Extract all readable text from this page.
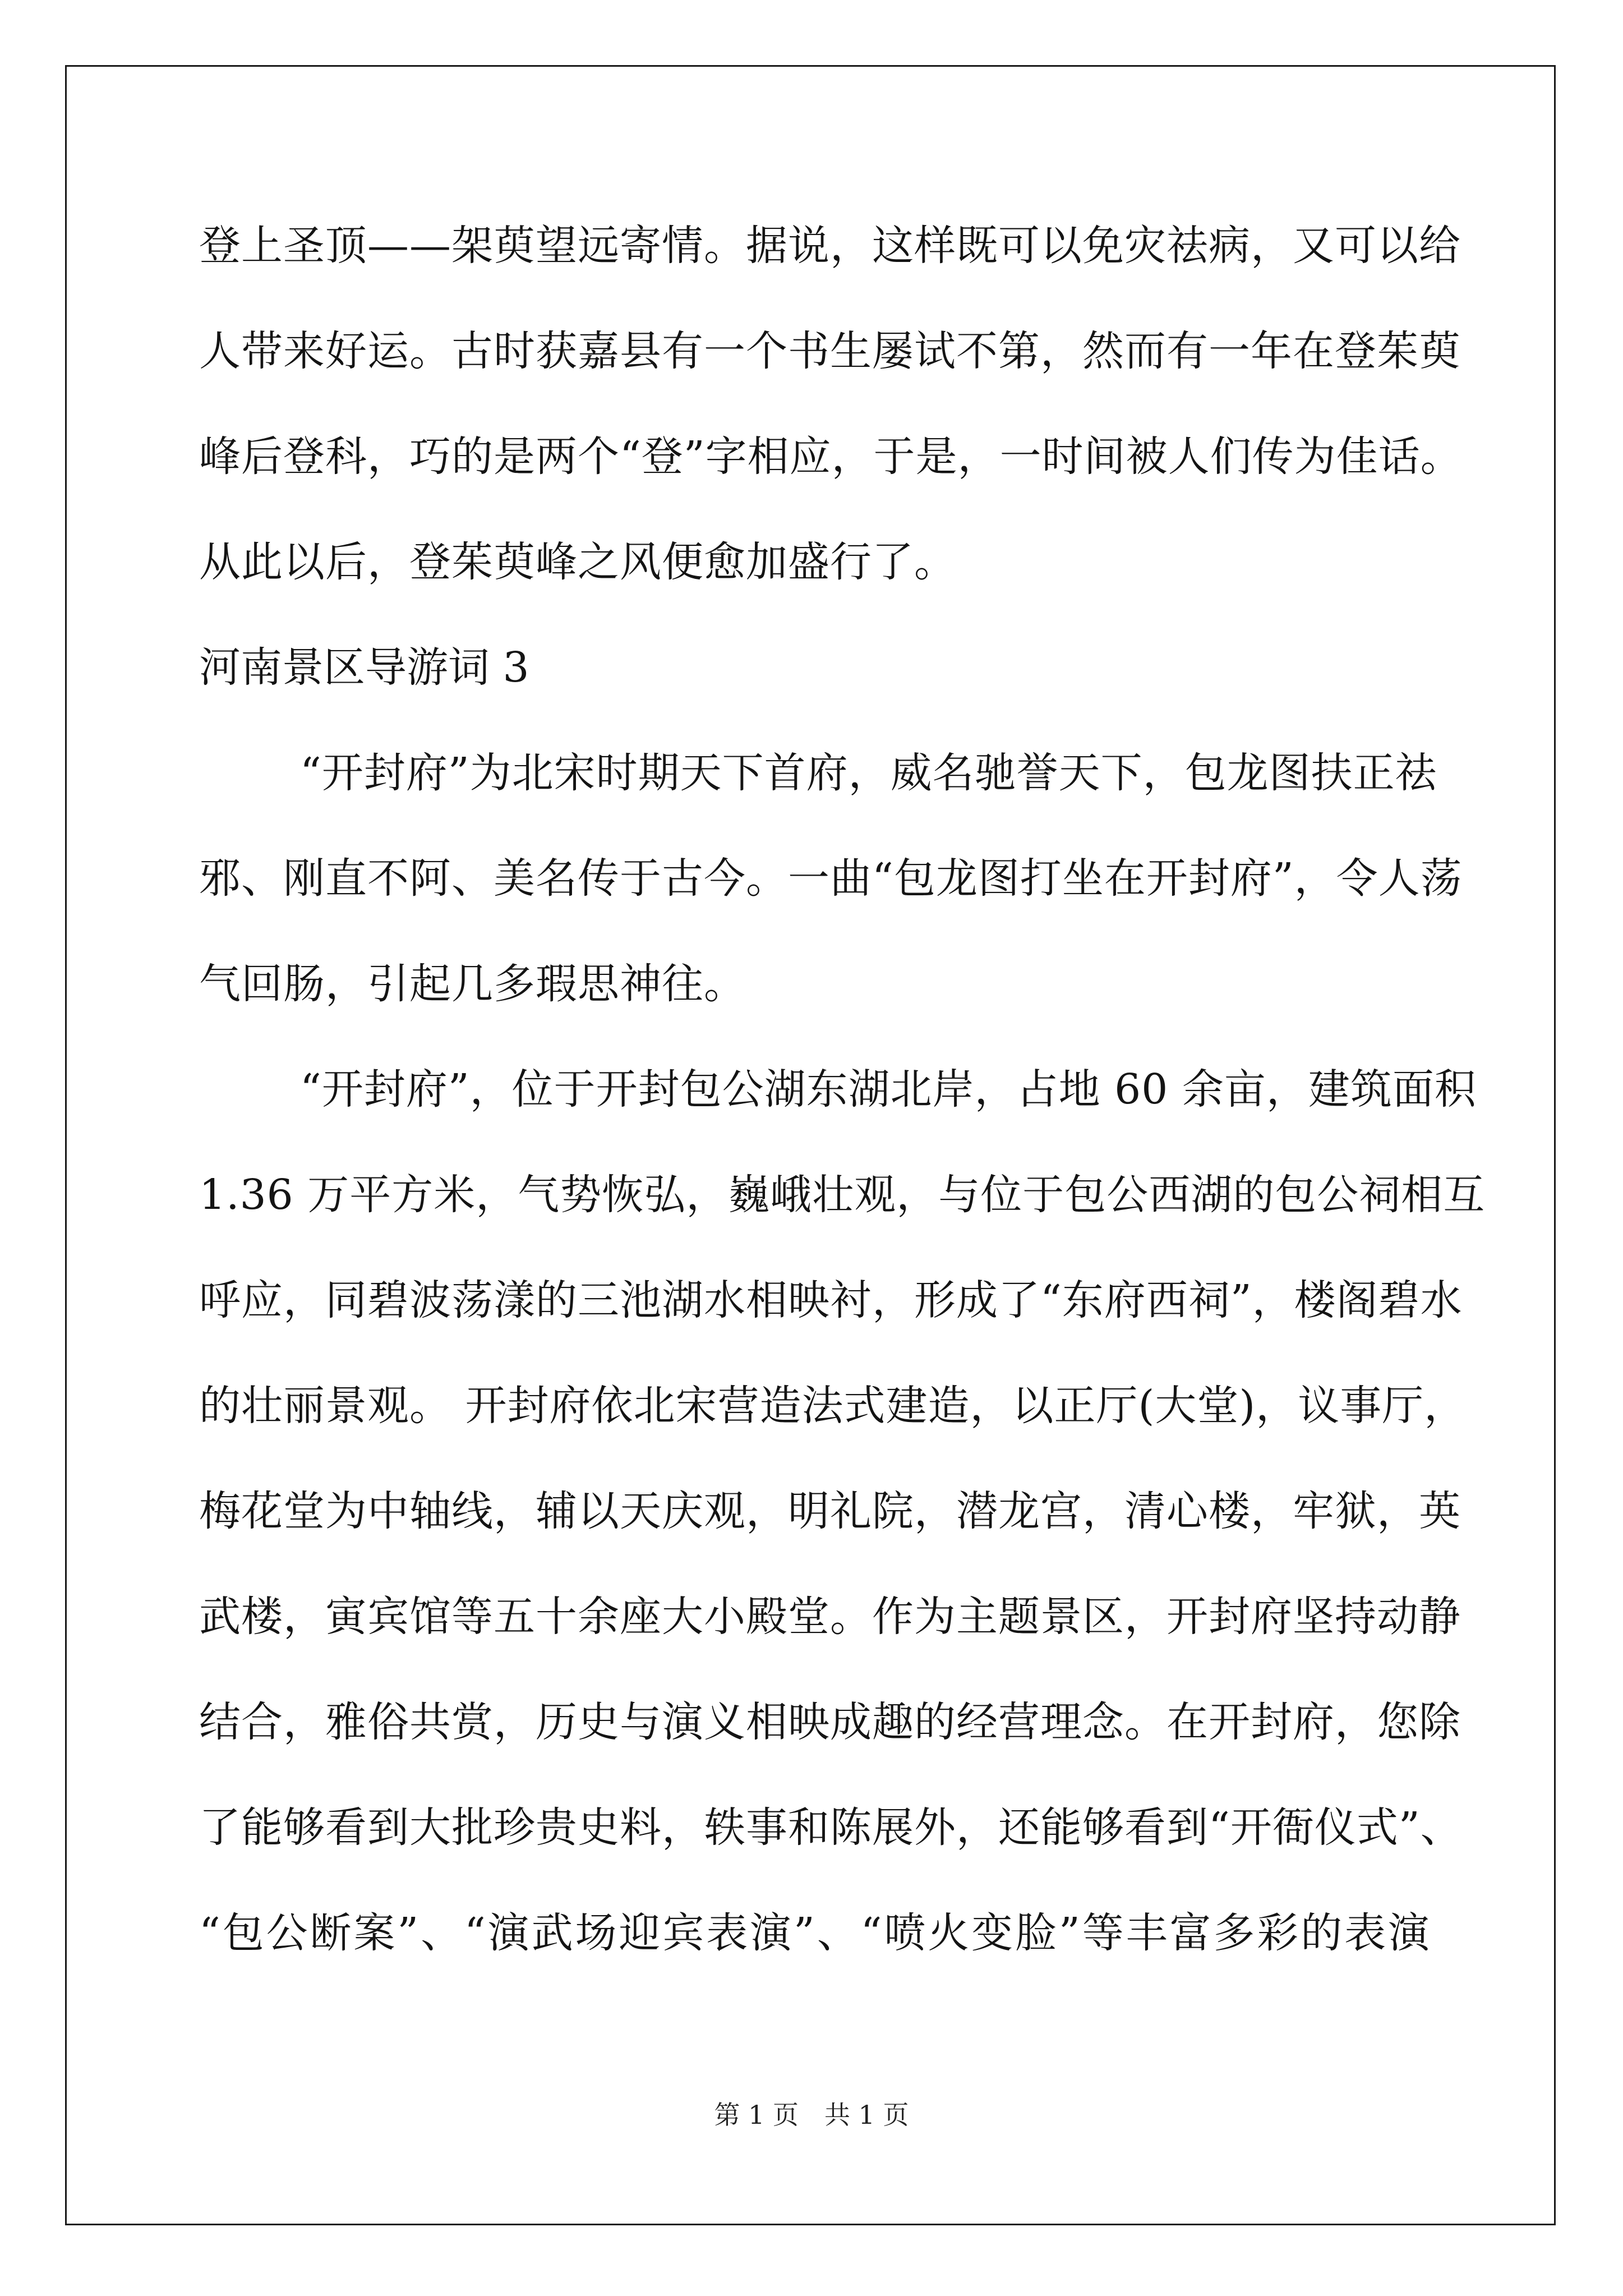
登上圣顶——架萸望远寄情。据说，这样既可以免灾祛病，又可以给
人带来好运。古时获嘉县有一个书生屡试不第，然而有一年在登茱萸
峰后登科，巧的是两个“登”字相应，于是，一时间被人们传为佳话。
从此以后，登茱萸峰之风便愈加盛行了。
河南景区导游词 3
“开封府”为北宋时期天下首府，威名驰誉天下，包龙图扶正祛
邪、刚直不阿、美名传于古今。一曲“包龙图打坐在开封府”，令人荡
气回肠，引起几多瑕思神往。
“开封府”，位于开封包公湖东湖北岸，占地 60 余亩，建筑面积
1.36 万平方米，气势恢弘，巍峨壮观，与位于包公西湖的包公祠相互
呼应，同碧波荡漾的三池湖水相映衬，形成了“东府西祠”，楼阁碧水
的壮丽景观。 开封府依北宋营造法式建造，以正厅(大堂)，议事厅，
梅花堂为中轴线，辅以天庆观，明礼院，潜龙宫，清心楼，牢狱，英
武楼，寅宾馆等五十余座大小殿堂。作为主题景区，开封府坚持动静
结合，雅俗共赏，历史与演义相映成趣的经营理念。在开封府，您除
了能够看到大批珍贵史料，轶事和陈展外，还能够看到“开衙仪式”、
“包公断案”、“演武场迎宾表演”、“喷火变脸”等丰富多彩的表演
第 1 页 共 1 页
